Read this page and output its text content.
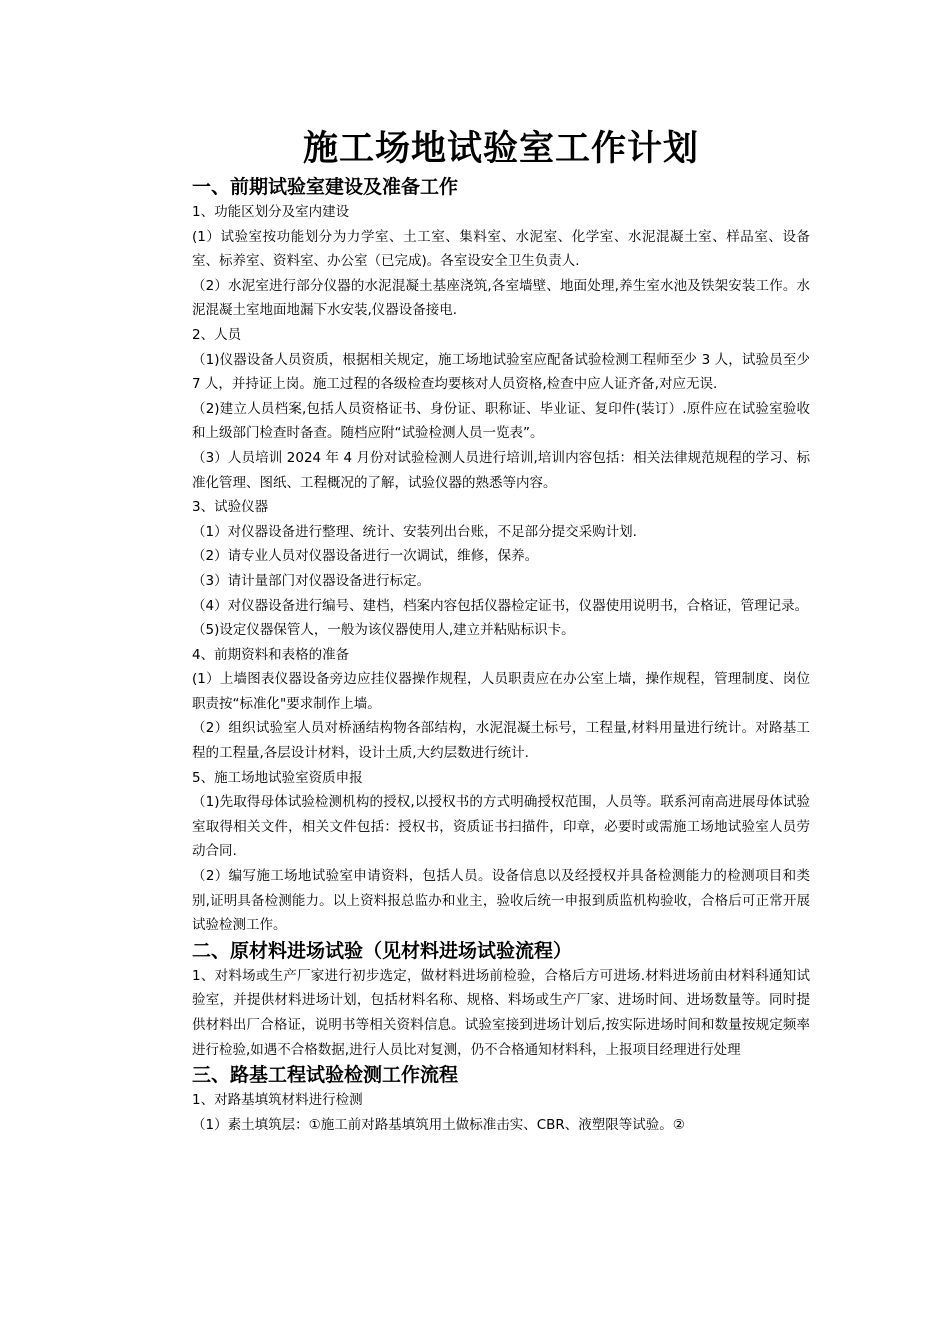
施工场地试验室工作计划
一、前期试验室建设及准备工作
1、功能区划分及室内建设
(1）试验室按功能划分为力学室、土工室、集料室、水泥室、化学室、水泥混凝土室、样品室、设备室、标养室、资料室、办公室（已完成)。各室设安全卫生负责人.
（2）水泥室进行部分仪器的水泥混凝土基座浇筑,各室墙壁、地面处理,养生室水池及铁架安装工作。水泥混凝土室地面地漏下水安装,仪器设备接电.
2、人员
（1)仪器设备人员资质，根据相关规定，施工场地试验室应配备试验检测工程师至少 3 人，试验员至少 7 人，并持证上岗。施工过程的各级检查均要核对人员资格,检查中应人证齐备,对应无误.
（2)建立人员档案,包括人员资格证书、身份证、职称证、毕业证、复印件(装订）.原件应在试验室验收和上级部门检查时备查。随档应附“试验检测人员一览表”。
（3）人员培训 2024 年 4 月份对试验检测人员进行培训,培训内容包括：相关法律规范规程的学习、标准化管理、图纸、工程概况的了解，试验仪器的熟悉等内容。
3、试验仪器
（1）对仪器设备进行整理、统计、安装列出台账，不足部分提交采购计划.
（2）请专业人员对仪器设备进行一次调试，维修，保养。
（3）请计量部门对仪器设备进行标定。
（4）对仪器设备进行编号、建档，档案内容包括仪器检定证书，仪器使用说明书，合格证，管理记录。
（5)设定仪器保管人，一般为该仪器使用人,建立并粘贴标识卡。
4、前期资料和表格的准备
(1）上墙图表仪器设备旁边应挂仪器操作规程，人员职责应在办公室上墙，操作规程，管理制度、岗位职责按“标准化"要求制作上墙。
（2）组织试验室人员对桥涵结构物各部结构，水泥混凝土标号，工程量,材料用量进行统计。对路基工程的工程量,各层设计材料，设计土质,大约层数进行统计.
5、施工场地试验室资质申报
（1)先取得母体试验检测机构的授权,以授权书的方式明确授权范围，人员等。联系河南高进展母体试验室取得相关文件，相关文件包括：授权书，资质证书扫描件，印章，必要时或需施工场地试验室人员劳动合同.
（2）编写施工场地试验室申请资料，包括人员。设备信息以及经授权并具备检测能力的检测项目和类别,证明具备检测能力。以上资料报总监办和业主，验收后统一申报到质监机构验收，合格后可正常开展试验检测工作。
二、原材料进场试验（见材料进场试验流程）
1、对料场或生产厂家进行初步选定，做材料进场前检验，合格后方可进场.材料进场前由材料科通知试验室，并提供材料进场计划，包括材料名称、规格、料场或生产厂家、进场时间、进场数量等。同时提供材料出厂合格证，说明书等相关资料信息。试验室接到进场计划后,按实际进场时间和数量按规定频率进行检验,如遇不合格数据,进行人员比对复测，仍不合格通知材料科，上报项目经理进行处理
三、路基工程试验检测工作流程
1、对路基填筑材料进行检测
（1）素土填筑层：①施工前对路基填筑用土做标准击实、CBR、液塑限等试验。②
